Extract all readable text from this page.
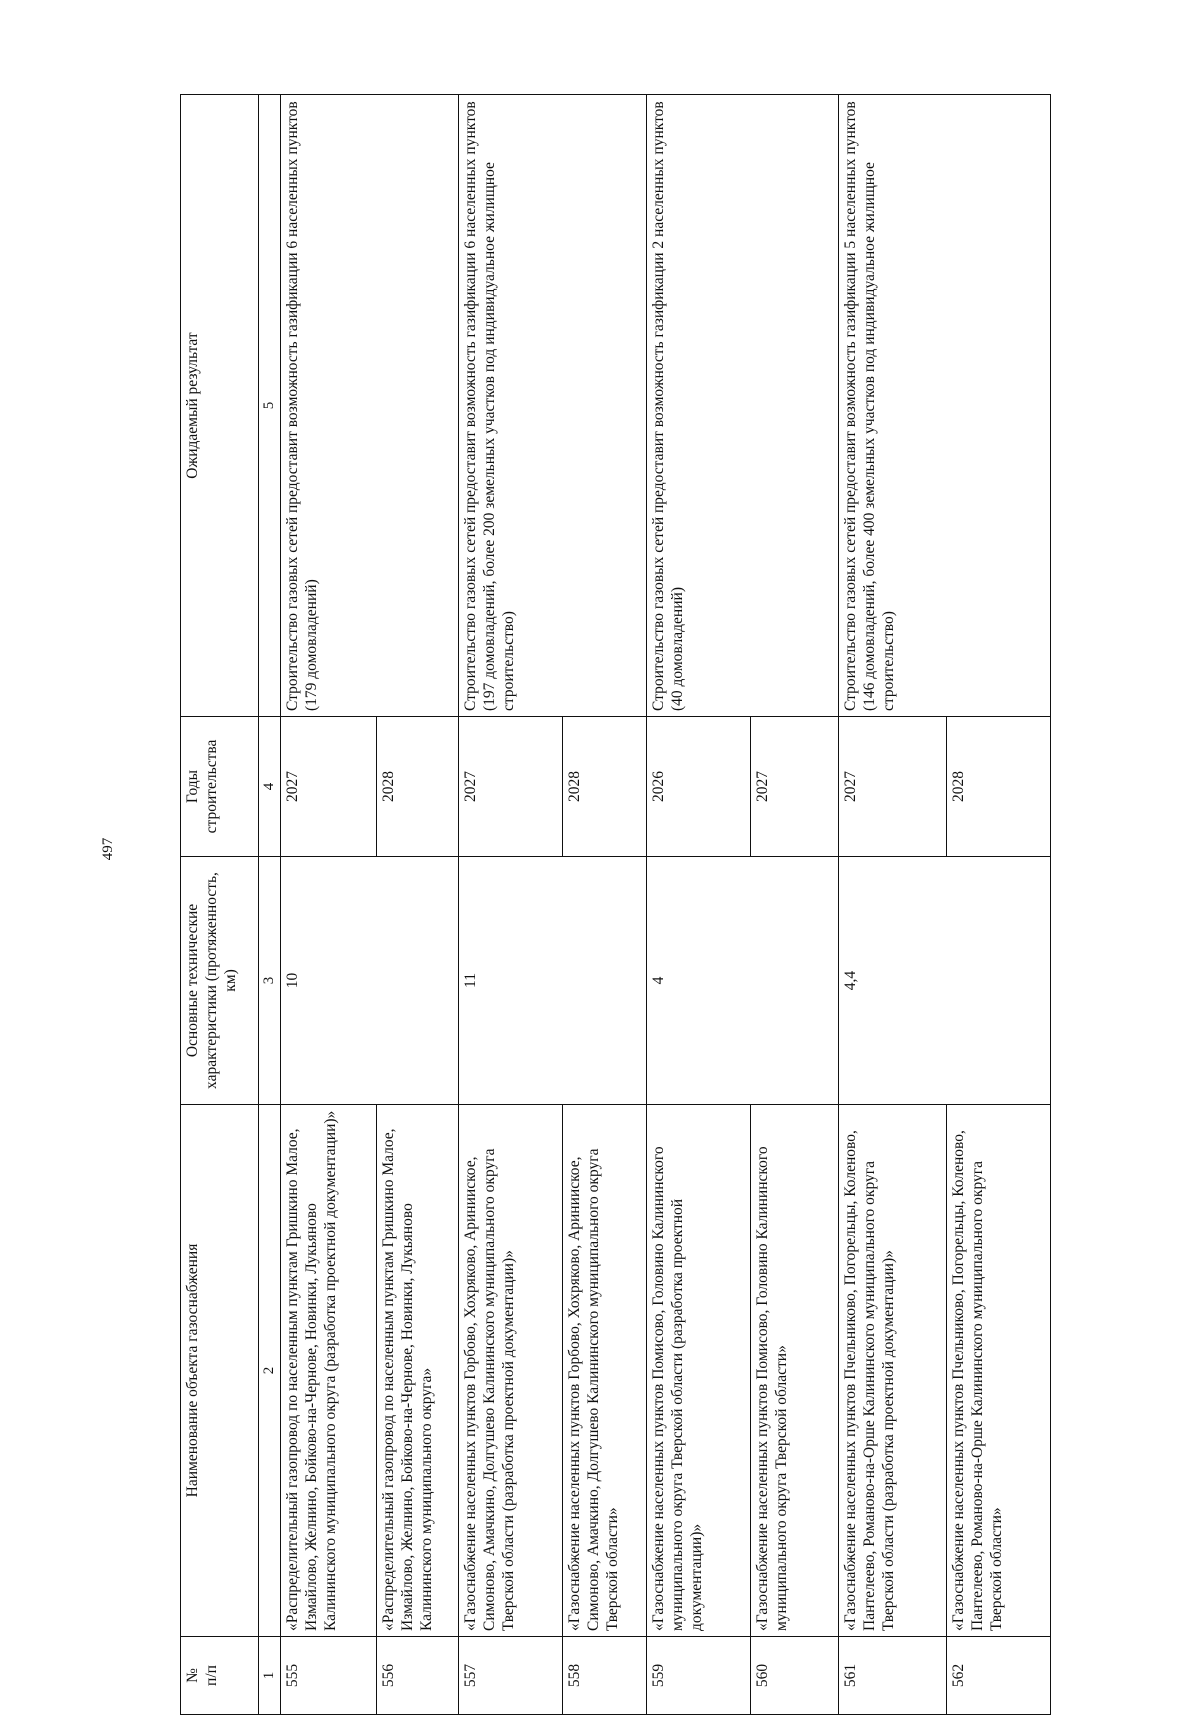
497
№
п/п	Наименование объекта газоснабжения	Основные технические характеристики (протяженность, км)	Годы строительства	Ожидаемый результат
1	2	3	4	5
555	«Распределительный газопровод по населенным пунктам Гришкино Малое, Измайлово, Желнино, Бойково-на-Чернове, Новинки, Лукьяново Калининского муниципального округа (разработка проектной документации)»	10	2027	Строительство газовых сетей предоставит возможность газификации 6 населенных пунктов
(179 домовладений)
556	«Распределительный газопровод по населенным пунктам Гришкино Малое, Измайлово, Желнино, Бойково-на-Чернове, Новинки, Лукьяново Калининского муниципального округа»		2028	
557	«Газоснабжение населенных пунктов Горбово, Хохряково, Аринииское, Симоново, Амачкино, Долгушево Калининского муниципального округа Тверской области (разработка проектной документации)»	11	2027	Строительство газовых сетей предоставит возможность газификации 6 населенных пунктов
(197 домовладений, более 200 земельных участков под индивидуальное жилищное строительство)
558	«Газоснабжение населенных пунктов Горбово, Хохряково, Аринииское, Симоново, Амачкино, Долгушево Калининского муниципального округа Тверской области»		2028	
559	«Газоснабжение населенных пунктов Помисово, Головино Калининского муниципального округа Тверской области (разработка проектной документации)»	4	2026	Строительство газовых сетей предоставит возможность газификации 2 населенных пунктов
(40 домовладений)
560	«Газоснабжение населенных пунктов Помисово, Головино Калининского муниципального округа Тверской области»		2027	
561	«Газоснабжение населенных пунктов Пчельниково, Погорельцы, Коленово, Пантелеево, Романово-на-Орше Калининского муниципального округа Тверской области (разработка проектной документации)»	4,4	2027	Строительство газовых сетей предоставит возможность газификации 5 населенных пунктов
(146 домовладений, более 400 земельных участков под индивидуальное жилищное строительство)
562	«Газоснабжение населенных пунктов Пчельниково, Погорельцы, Коленово, Пантелеево, Романово-на-Орше Калининского муниципального округа Тверской области»		2028	
